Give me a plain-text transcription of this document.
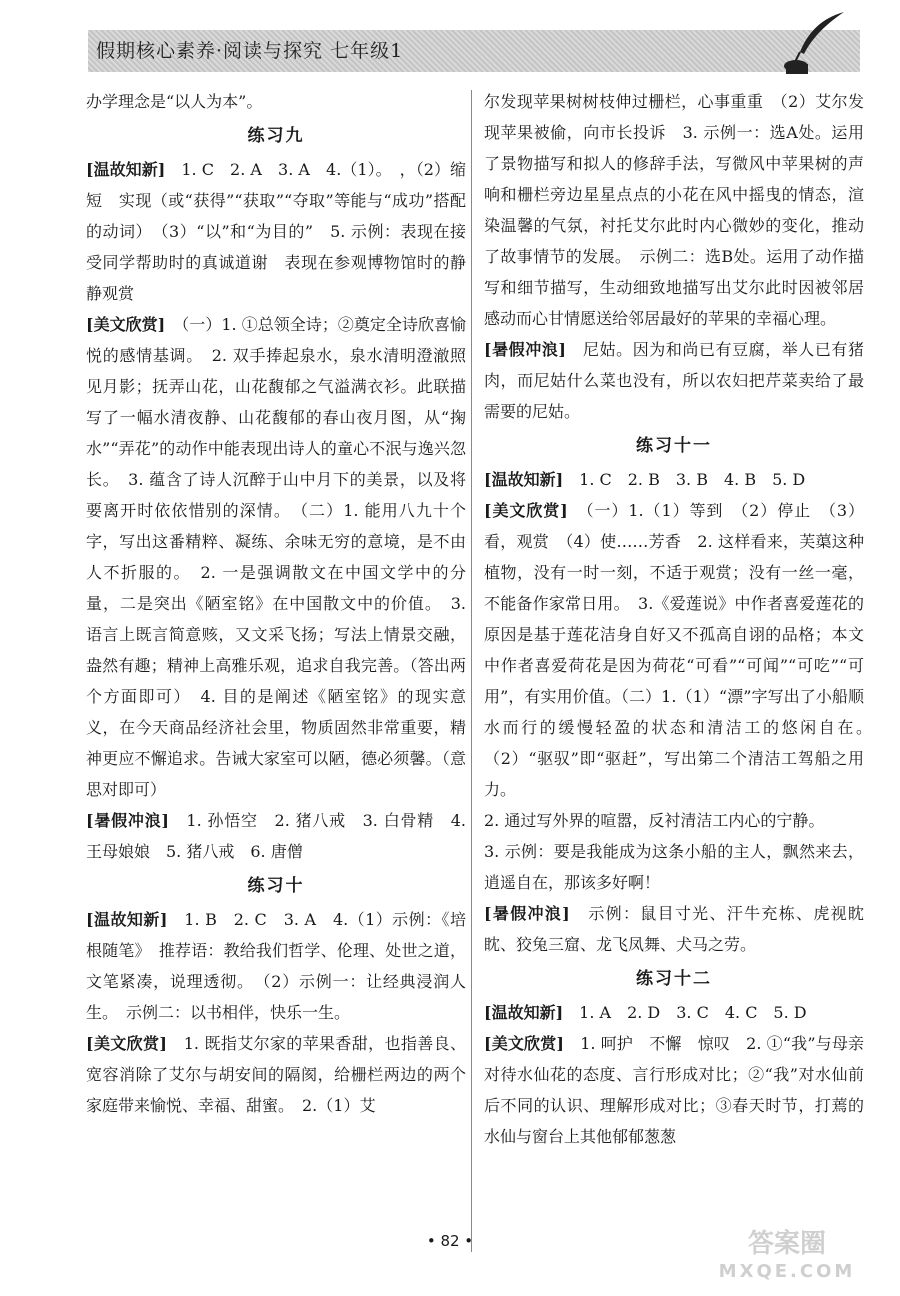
假期核心素养·阅读与探究 七年级1

办学理念是“以人为本”。

练习九

[温故知新]　1. C　2. A　3. A　4.（1）。　，（2）缩短　实现（或“获得”“获取”“夺取”等能与“成功”搭配的动词）　（3）“以”和“为目的”　5. 示例：表现在接受同学帮助时的真诚道谢　表现在参观博物馆时的静静观赏

[美文欣赏]　（一）1. ①总领全诗；②奠定全诗欣喜愉悦的感情基调。　2. 双手捧起泉水，泉水清明澄澈照见月影；抚弄山花，山花馥郁之气溢满衣衫。此联描写了一幅水清夜静、山花馥郁的春山夜月图，从“掬水”“弄花”的动作中能表现出诗人的童心不泯与逸兴忽长。　3. 蕴含了诗人沉醉于山中月下的美景，以及将要离开时依依惜别的深情。　（二）1. 能用八九十个字，写出这番精粹、凝练、余味无穷的意境，是不由人不折服的。　2. 一是强调散文在中国文学中的分量，二是突出《陋室铭》在中国散文中的价值。　3. 语言上既言简意赅，又文采飞扬；写法上情景交融，盎然有趣；精神上高雅乐观，追求自我完善。（答出两个方面即可）　4. 目的是阐述《陋室铭》的现实意义，在今天商品经济社会里，物质固然非常重要，精神更应不懈追求。告诫大家室可以陋，德必须馨。（意思对即可）

[暑假冲浪]　1. 孙悟空　2. 猪八戒　3. 白骨精　4. 王母娘娘　5. 猪八戒　6. 唐僧

练习十

[温故知新]　1. B　2. C　3. A　4.（1）示例：《培根随笔》　推荐语：教给我们哲学、伦理、处世之道，文笔紧凑，说理透彻。　（2）示例一：让经典浸润人生。　示例二：以书相伴，快乐一生。

[美文欣赏]　1. 既指艾尔家的苹果香甜，也指善良、宽容消除了艾尔与胡安间的隔阂，给栅栏两边的两个家庭带来愉悦、幸福、甜蜜。　2.（1）艾

尔发现苹果树树枝伸过栅栏，心事重重　（2）艾尔发现苹果被偷，向市长投诉　3. 示例一：选A处。运用了景物描写和拟人的修辞手法，写微风中苹果树的声响和栅栏旁边星星点点的小花在风中摇曳的情态，渲染温馨的气氛，衬托艾尔此时内心微妙的变化，推动了故事情节的发展。　示例二：选B处。运用了动作描写和细节描写，生动细致地描写出艾尔此时因被邻居感动而心甘情愿送给邻居最好的苹果的幸福心理。

[暑假冲浪]　尼姑。因为和尚已有豆腐，举人已有猪肉，而尼姑什么菜也没有，所以农妇把芹菜卖给了最需要的尼姑。

练习十一

[温故知新]　1. C　2. B　3. B　4. B　5. D

[美文欣赏]　（一）1.（1）等到　（2）停止　（3）看，观赏　（4）使……芳香　2. 这样看来，芙蕖这种植物，没有一时一刻，不适于观赏；没有一丝一毫，不能备作家常日用。　3.《爱莲说》中作者喜爱莲花的原因是基于莲花洁身自好又不孤高自诩的品格；本文中作者喜爱荷花是因为荷花“可看”“可闻”“可吃”“可用”，有实用价值。（二）1.（1）“漂”字写出了小船顺水而行的缓慢轻盈的状态和清洁工的悠闲自在。　（2）“驱驭”即“驱赶”，写出第二个清洁工驾船之用力。

2. 通过写外界的喧嚣，反衬清洁工内心的宁静。

3. 示例：要是我能成为这条小船的主人，飘然来去，逍遥自在，那该多好啊！

[暑假冲浪]　示例：鼠目寸光、汗牛充栋、虎视眈眈、狡兔三窟、龙飞凤舞、犬马之劳。

练习十二

[温故知新]　1. A　2. D　3. C　4. C　5. D

[美文欣赏]　1. 呵护　不懈　惊叹　2. ①“我”与母亲对待水仙花的态度、言行形成对比；②“我”对水仙前后不同的认识、理解形成对比；③春天时节，打蔫的水仙与窗台上其他郁郁葱葱

• 82 •	答案圈
MXQE.COM
